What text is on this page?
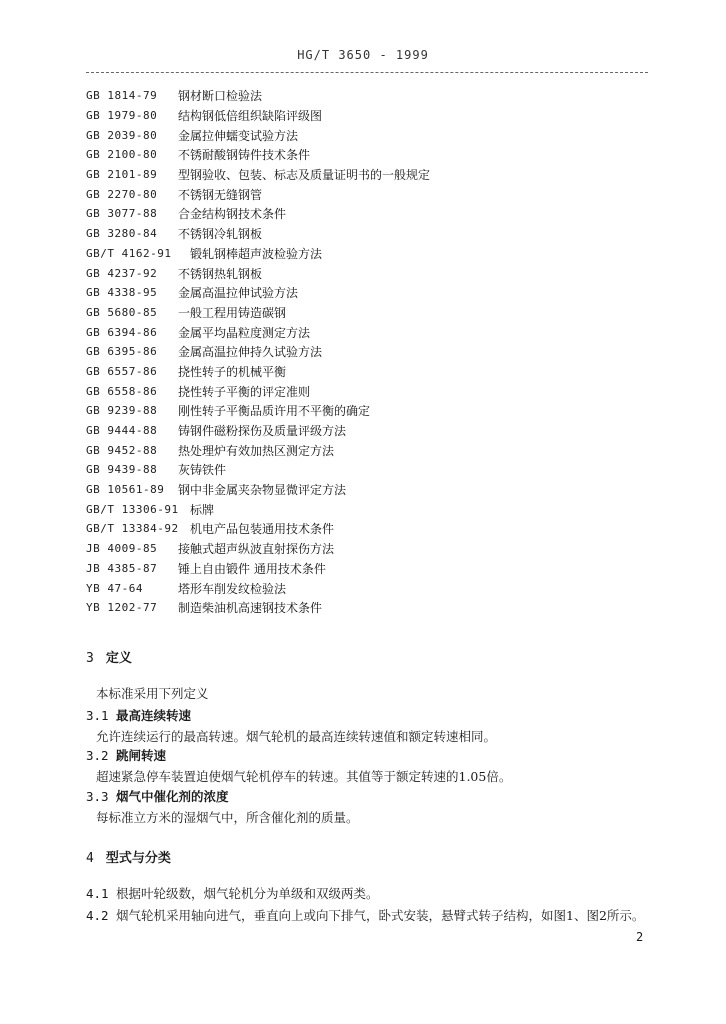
HG/T 3650 - 1999
GB 1814-79	钢材断口检验法
GB 1979-80	结构钢低倍组织缺陷评级图
GB 2039-80	金属拉伸蠕变试验方法
GB 2100-80	不锈耐酸钢铸件技术条件
GB 2101-89	型钢验收、包装、标志及质量证明书的一般规定
GB 2270-80	不锈钢无缝钢管
GB 3077-88	合金结构钢技术条件
GB 3280-84	不锈钢冷轧钢板
GB/T 4162-91	锻轧钢棒超声波检验方法
GB 4237-92	不锈钢热轧钢板
GB 4338-95	金属高温拉伸试验方法
GB 5680-85	一般工程用铸造碳钢
GB 6394-86	金属平均晶粒度测定方法
GB 6395-86	金属高温拉伸持久试验方法
GB 6557-86	挠性转子的机械平衡
GB 6558-86	挠性转子平衡的评定准则
GB 9239-88	刚性转子平衡品质许用不平衡的确定
GB 9444-88	铸钢件磁粉探伤及质量评级方法
GB 9452-88	热处理炉有效加热区测定方法
GB 9439-88	灰铸铁件
GB 10561-89	钢中非金属夹杂物显微评定方法
GB/T 13306-91 标牌
GB/T 13384-92 机电产品包装通用技术条件
JB 4009-85	接触式超声纵波直射探伤方法
JB 4385-87	锤上自由锻件 通用技术条件
YB 47-64	塔形车削发纹检验法
YB 1202-77	制造柴油机高速钢技术条件
3 定义
本标准采用下列定义
3.1 最高连续转速
允许连续运行的最高转速。烟气轮机的最高连续转速值和额定转速相同。
3.2 跳闸转速
超速紧急停车装置迫使烟气轮机停车的转速。其值等于额定转速的1.05倍。
3.3 烟气中催化剂的浓度
每标准立方米的湿烟气中，所含催化剂的质量。
4 型式与分类
4.1 根据叶轮级数，烟气轮机分为单级和双级两类。
4.2 烟气轮机采用轴向进气，垂直向上或向下排气，卧式安装，悬臂式转子结构，如图1、图2所示。
2
